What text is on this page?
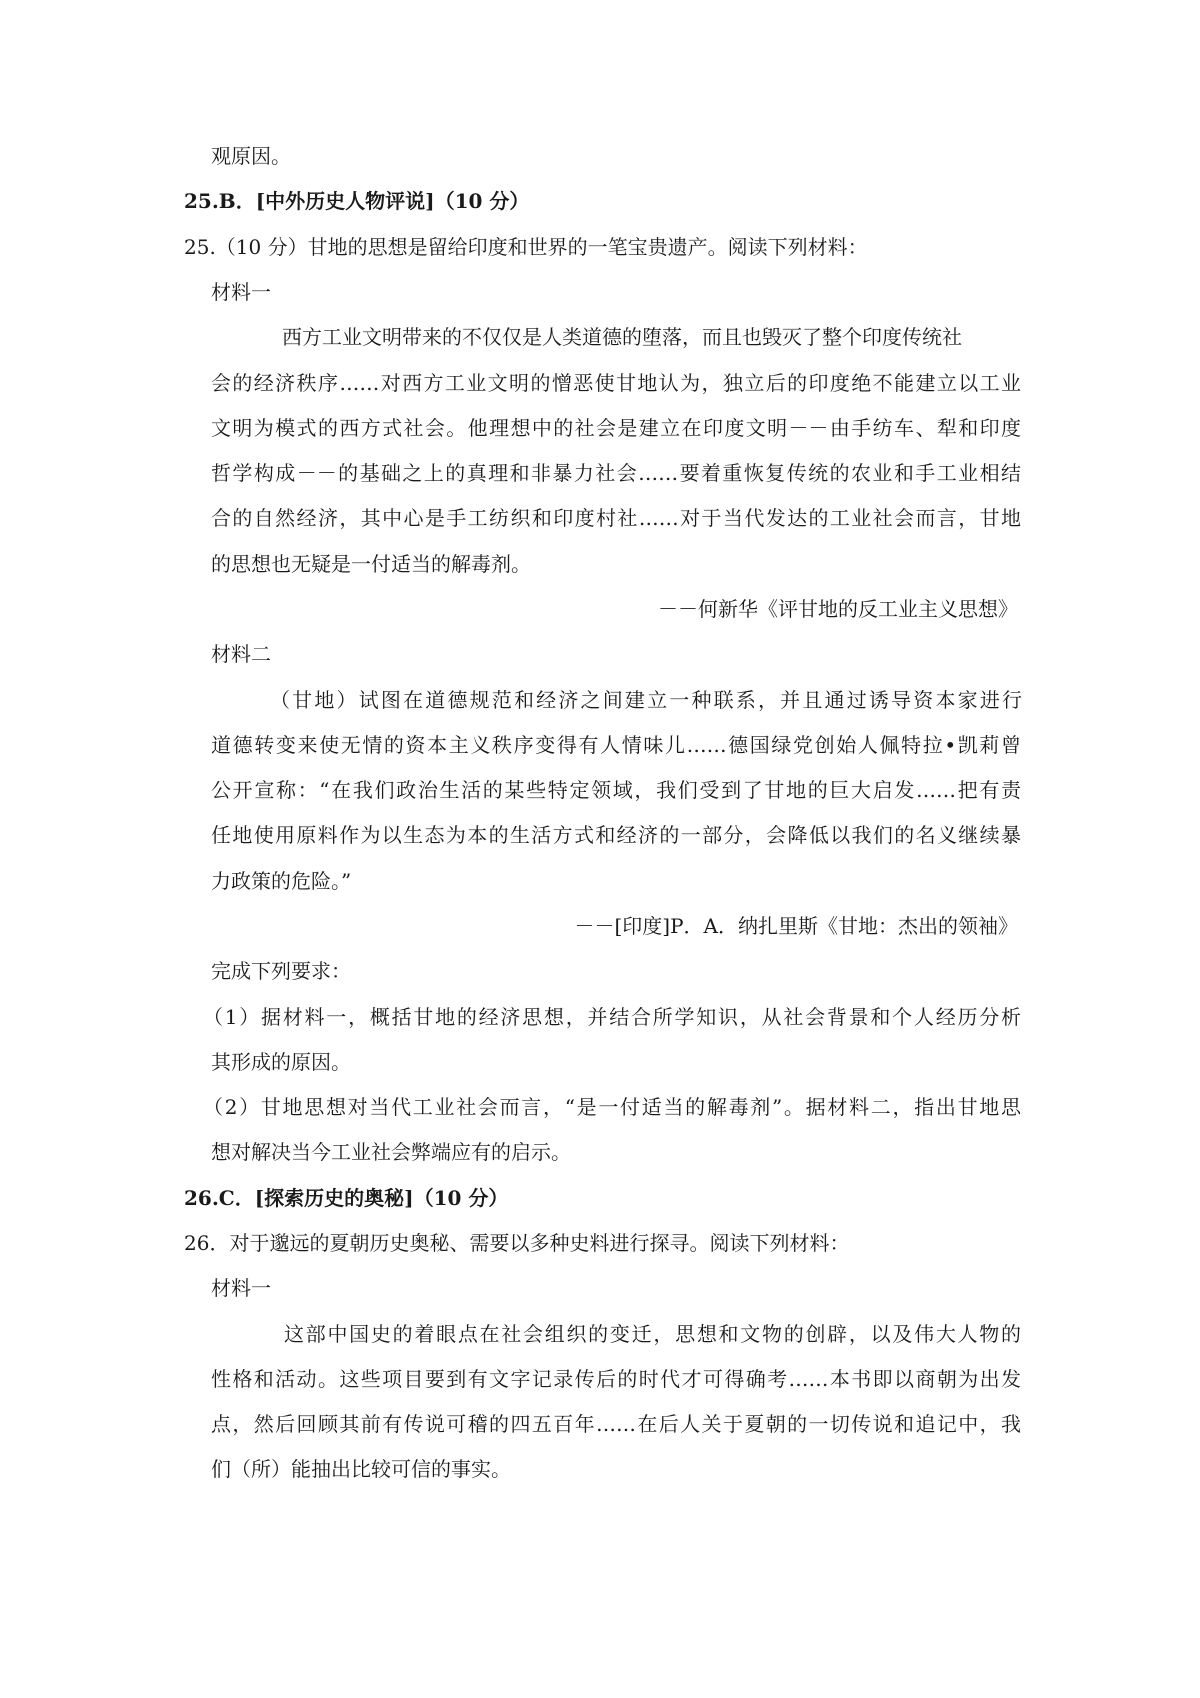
观原因。
25.B．[中外历史人物评说]（10 分）
25.（10 分）甘地的思想是留给印度和世界的一笔宝贵遗产。阅读下列材料：
材料一
西方工业文明带来的不仅仅是人类道德的堕落，而且也毁灭了整个印度传统社
会的经济秩序……对西方工业文明的憎恶使甘地认为，独立后的印度绝不能建立以工业
文明为模式的西方式社会。他理想中的社会是建立在印度文明－－由手纺车、犁和印度
哲学构成－－的基础之上的真理和非暴力社会……要着重恢复传统的农业和手工业相结
合的自然经济，其中心是手工纺织和印度村社……对于当代发达的工业社会而言，甘地
的思想也无疑是一付适当的解毒剂。
－－何新华《评甘地的反工业主义思想》
材料二
（甘地）试图在道德规范和经济之间建立一种联系，并且通过诱导资本家进行
道德转变来使无情的资本主义秩序变得有人情味儿……德国绿党创始人佩特拉•凯莉曾
公开宣称：“在我们政治生活的某些特定领域，我们受到了甘地的巨大启发……把有责
任地使用原料作为以生态为本的生活方式和经济的一部分，会降低以我们的名义继续暴
力政策的危险。”
－－[印度]P．A．纳扎里斯《甘地：杰出的领袖》
完成下列要求：
（1）据材料一，概括甘地的经济思想，并结合所学知识，从社会背景和个人经历分析
其形成的原因。
（2）甘地思想对当代工业社会而言，“是一付适当的解毒剂”。据材料二，指出甘地思
想对解决当今工业社会弊端应有的启示。
26.C．[探索历史的奥秘]（10 分）
26．对于邈远的夏朝历史奥秘、需要以多种史料进行探寻。阅读下列材料：
材料一
这部中国史的着眼点在社会组织的变迁，思想和文物的创辟，以及伟大人物的
性格和活动。这些项目要到有文字记录传后的时代才可得确考……本书即以商朝为出发
点，然后回顾其前有传说可稽的四五百年……在后人关于夏朝的一切传说和追记中，我
们（所）能抽出比较可信的事实。
